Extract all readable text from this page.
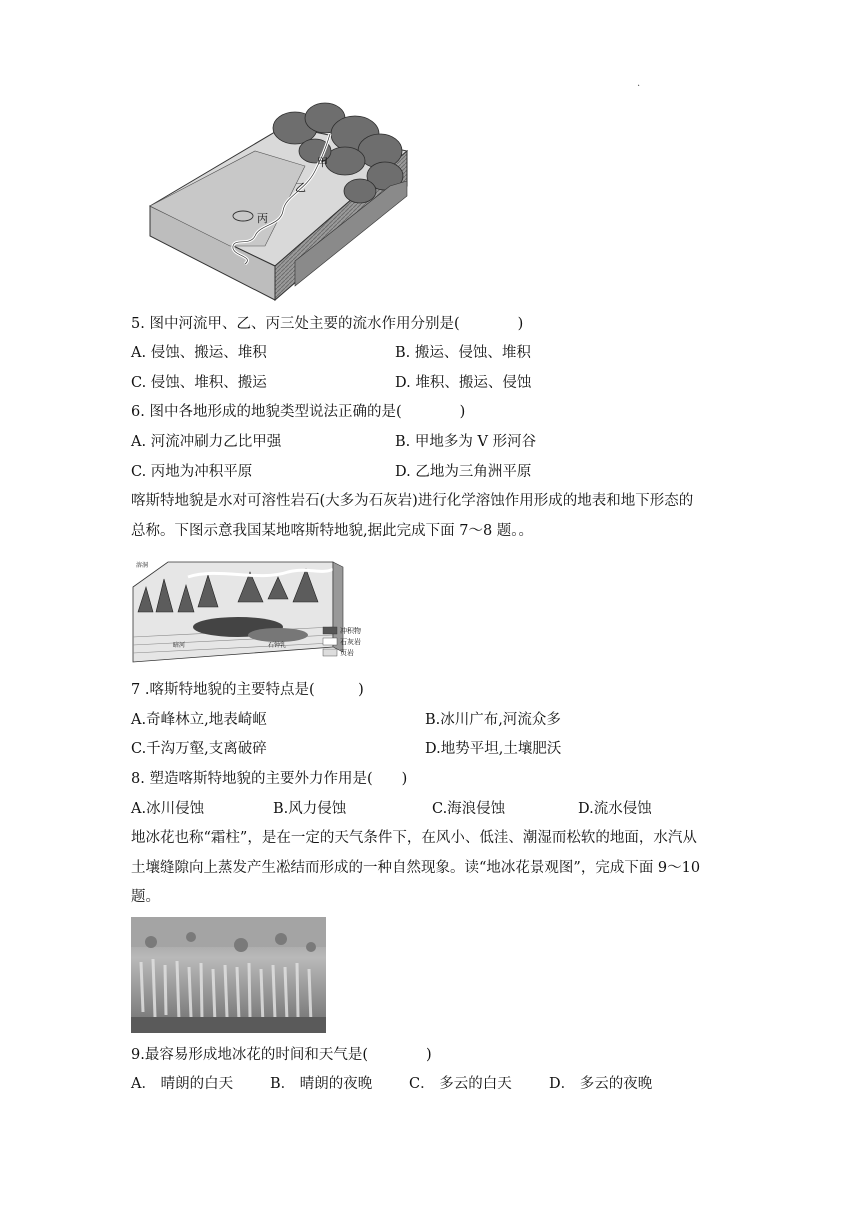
.
甲
乙
丙
5. 图中河流甲、乙、丙三处主要的流水作用分别是(　　　　)
A. 侵蚀、搬运、堆积	B. 搬运、侵蚀、堆积
C. 侵蚀、堆积、搬运	D. 堆积、搬运、侵蚀
6. 图中各地形成的地貌类型说法正确的是(　　　　)
A. 河流冲刷力乙比甲强	B. 甲地多为 V 形河谷
C. 丙地为冲积平原	D. 乙地为三角洲平原
喀斯特地貌是水对可溶性岩石(大多为石灰岩)进行化学溶蚀作用形成的地表和地下形态的
总称。下图示意我国某地喀斯特地貌,据此完成下面 7～8 题。。
暗河	石钟乳
溶洞
冲积物
石灰岩
页岩
7 .喀斯特地貌的主要特点是(　　　)
A.奇峰林立,地表崎岖	B.冰川广布,河流众多
C.千沟万壑,支离破碎	D.地势平坦,土壤肥沃
8. 塑造喀斯特地貌的主要外力作用是(　　)
A.冰川侵蚀	B.风力侵蚀	C.海浪侵蚀	D.流水侵蚀
地冰花也称“霜柱”，是在一定的天气条件下，在风小、低洼、潮湿而松软的地面，水汽从
土壤缝隙向上蒸发产生凇结而形成的一种自然现象。读“地冰花景观图”，完成下面 9～10
题。
9.最容易形成地冰花的时间和天气是(　　　　)
A． 晴朗的白天	B． 晴朗的夜晚	C． 多云的白天	D． 多云的夜晚
